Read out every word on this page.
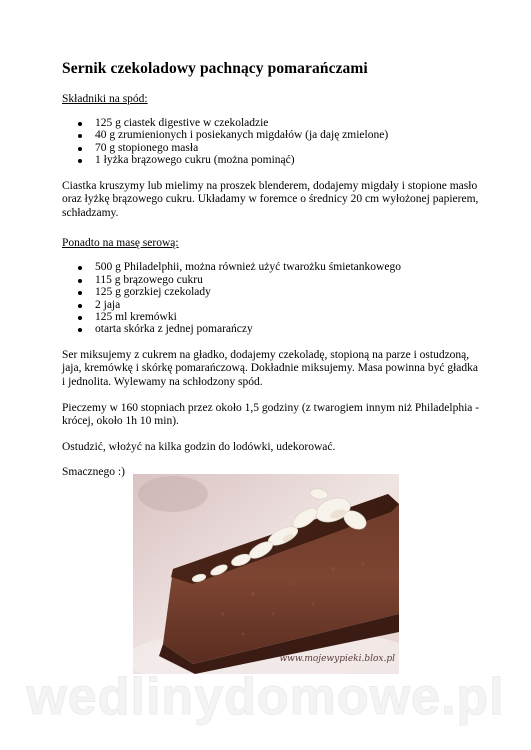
Sernik czekoladowy pachnący pomarańczami
Składniki na spód:
125 g ciastek digestive w czekoladzie
40 g zrumienionych i posiekanych migdałów (ja daję zmielone)
70 g stopionego masła
1 łyżka brązowego cukru (można pominąć)

Ciastka kruszymy lub mielimy na proszek blenderem, dodajemy migdały i stopione masło oraz łyżkę brązowego cukru. Układamy w foremce o średnicy 20 cm wyłożonej papierem, schładzamy.

Ponadto na masę serową:
500 g Philadelphii, można również użyć twarożku śmietankowego
115 g brązowego cukru
125 g gorzkiej czekolady
2 jaja
125 ml kremówki
otarta skórka z jednej pomarańczy

Ser miksujemy z cukrem na gładko, dodajemy czekoladę, stopioną na parze i ostudzoną, jaja, kremówkę i skórkę pomarańczową. Dokładnie miksujemy. Masa powinna być gładka i jednolita. Wylewamy na schłodzony spód.

Pieczemy w 160 stopniach przez około 1,5 godziny (z twarogiem innym niż Philadelphia - krócej, około 1h 10 min).

Ostudzić, włożyć na kilka godzin do lodówki, udekorować.

Smacznego :)

www.mojewypieki.blox.pl
wedlinydomowe.pl
